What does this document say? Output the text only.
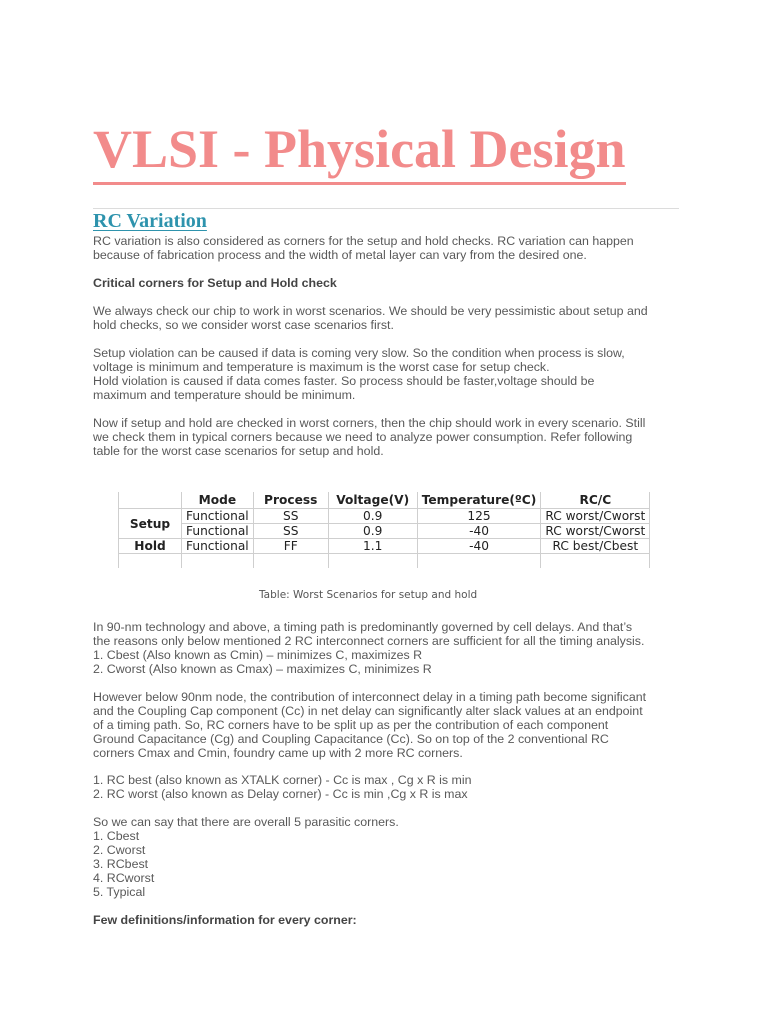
VLSI - Physical Design
RC Variation

RC variation is also considered as corners for the setup and hold checks. RC variation can happen
because of fabrication process and the width of metal layer can vary from the desired one.

Critical corners for Setup and Hold check

We always check our chip to work in worst scenarios. We should be very pessimistic about setup and
hold checks, so we consider worst case scenarios first.

Setup violation can be caused if data is coming very slow. So the condition when process is slow,
voltage is minimum and temperature is maximum is the worst case for setup check.
Hold violation is caused if data comes faster. So process should be faster,voltage should be
maximum and temperature should be minimum.

Now if setup and hold are checked in worst corners, then the chip should work in every scenario. Still
we check them in typical corners because we need to analyze power consumption. Refer following
table for the worst case scenarios for setup and hold.

	Mode	Process	Voltage(V)	Temperature(ºC)	RC/C
Setup	Functional	SS	0.9	125	RC worst/Cworst
	Functional	SS	0.9	-40	RC worst/Cworst
Hold	Functional	FF	1.1	-40	RC best/Cbest

Table: Worst Scenarios for setup and hold

In 90-nm technology and above, a timing path is predominantly governed by cell delays. And that’s
the reasons only below mentioned 2 RC interconnect corners are sufficient for all the timing analysis.
1. Cbest (Also known as Cmin) – minimizes C, maximizes R
2. Cworst (Also known as Cmax) – maximizes C, minimizes R

However below 90nm node, the contribution of interconnect delay in a timing path become significant
and the Coupling Cap component (Cc) in net delay can significantly alter slack values at an endpoint
of a timing path. So, RC corners have to be split up as per the contribution of each component
Ground Capacitance (Cg) and Coupling Capacitance (Cc). So on top of the 2 conventional RC
corners Cmax and Cmin, foundry came up with 2 more RC corners.

1. RC best (also known as XTALK corner) - Cc is max , Cg x R is min
2. RC worst (also known as Delay corner) - Cc is min ,Cg x R is max

So we can say that there are overall 5 parasitic corners.
1. Cbest
2. Cworst
3. RCbest
4. RCworst
5. Typical

Few definitions/information for every corner:
